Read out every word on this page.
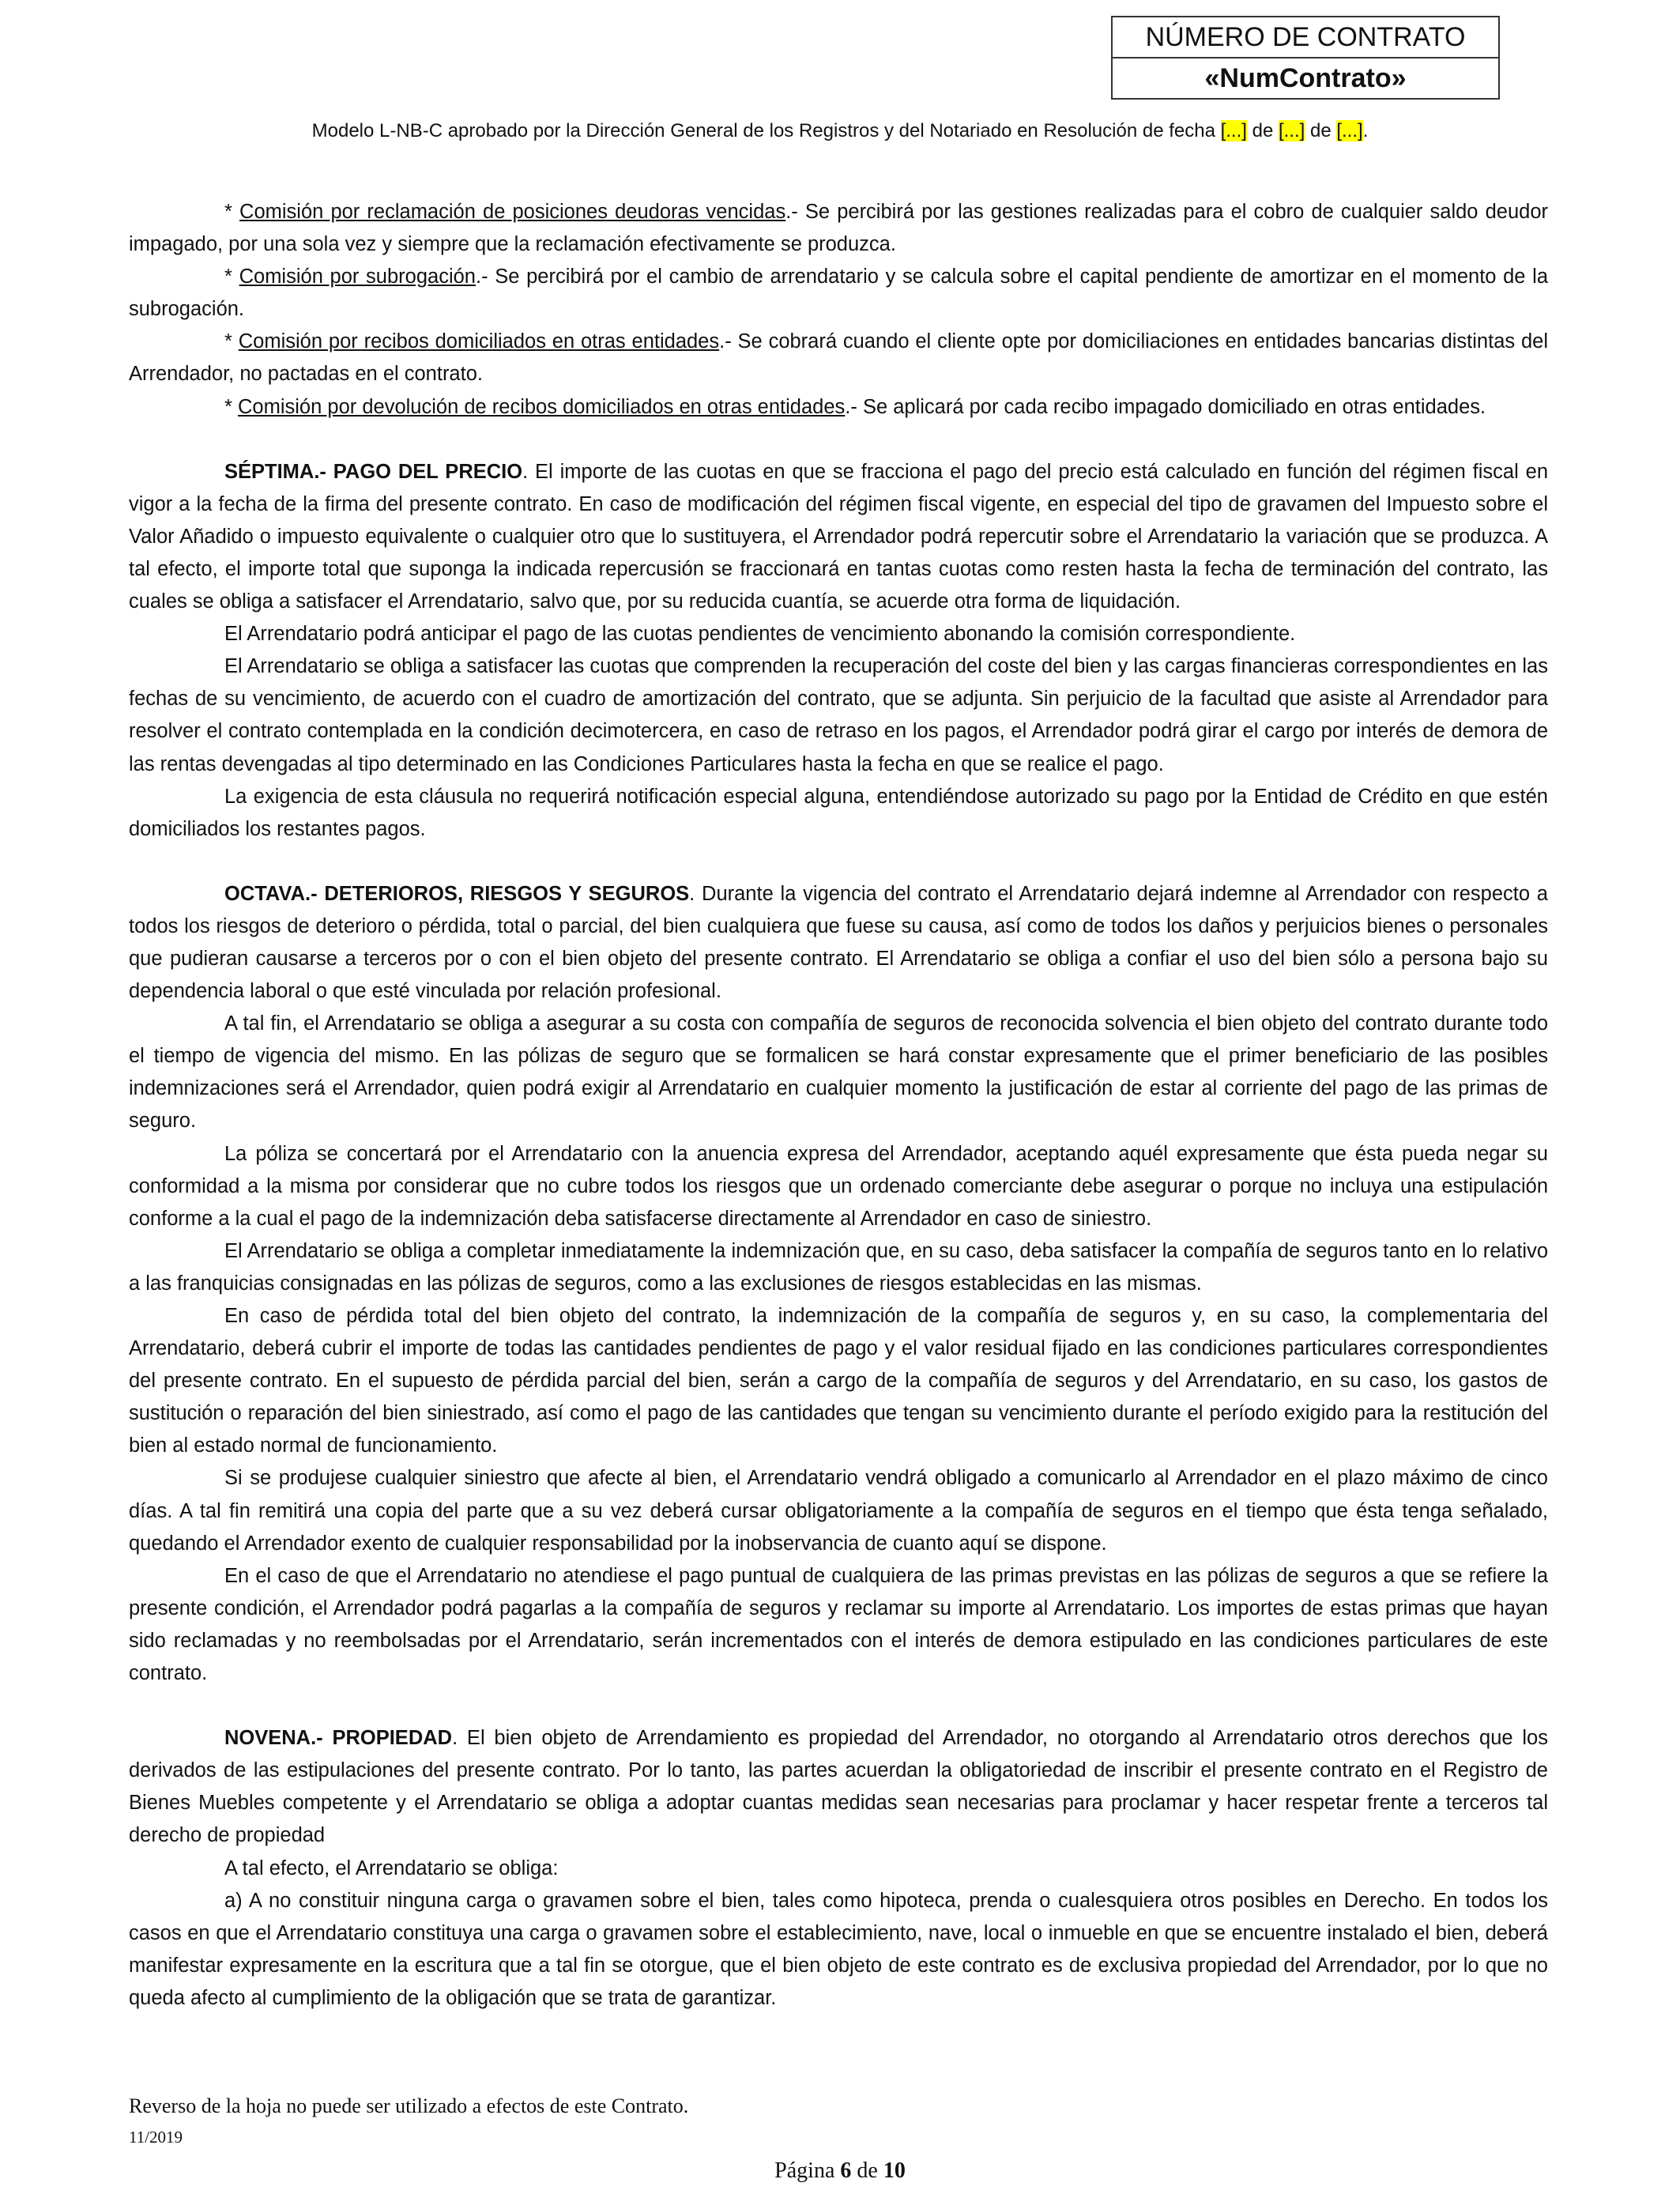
NÚMERO DE CONTRATO
«NumContrato»
Modelo L-NB-C aprobado por la Dirección General de los Registros y del Notariado en Resolución de fecha [...] de [...] de [...].

* Comisión por reclamación de posiciones deudoras vencidas.- Se percibirá por las gestiones realizadas para el cobro de cualquier saldo deudor impagado, por una sola vez y siempre que la reclamación efectivamente se produzca.

* Comisión por subrogación.- Se percibirá por el cambio de arrendatario y se calcula sobre el capital pendiente de amortizar en el momento de la subrogación.

* Comisión por recibos domiciliados en otras entidades.- Se cobrará cuando el cliente opte por domiciliaciones en entidades bancarias distintas del Arrendador, no pactadas en el contrato.

* Comisión por devolución de recibos domiciliados en otras entidades.- Se aplicará por cada recibo impagado domiciliado en otras entidades.

SÉPTIMA.- PAGO DEL PRECIO. El importe de las cuotas en que se fracciona el pago del precio está calculado en función del régimen fiscal en vigor a la fecha de la firma del presente contrato. En caso de modificación del régimen fiscal vigente, en especial del tipo de gravamen del Impuesto sobre el Valor Añadido o impuesto equivalente o cualquier otro que lo sustituyera, el Arrendador podrá repercutir sobre el Arrendatario la variación que se produzca. A tal efecto, el importe total que suponga la indicada repercusión se fraccionará en tantas cuotas como resten hasta la fecha de terminación del contrato, las cuales se obliga a satisfacer el Arrendatario, salvo que, por su reducida cuantía, se acuerde otra forma de liquidación.

El Arrendatario podrá anticipar el pago de las cuotas pendientes de vencimiento abonando la comisión correspondiente.

El Arrendatario se obliga a satisfacer las cuotas que comprenden la recuperación del coste del bien y las cargas financieras correspondientes en las fechas de su vencimiento, de acuerdo con el cuadro de amortización del contrato, que se adjunta. Sin perjuicio de la facultad que asiste al Arrendador para resolver el contrato contemplada en la condición decimotercera, en caso de retraso en los pagos, el Arrendador podrá girar el cargo por interés de demora de las rentas devengadas al tipo determinado en las Condiciones Particulares hasta la fecha en que se realice el pago.

La exigencia de esta cláusula no requerirá notificación especial alguna, entendiéndose autorizado su pago por la Entidad de Crédito en que estén domiciliados los restantes pagos.

OCTAVA.- DETERIOROS, RIESGOS Y SEGUROS. Durante la vigencia del contrato el Arrendatario dejará indemne al Arrendador con respecto a todos los riesgos de deterioro o pérdida, total o parcial, del bien cualquiera que fuese su causa, así como de todos los daños y perjuicios bienes o personales que pudieran causarse a terceros por o con el bien objeto del presente contrato. El Arrendatario se obliga a confiar el uso del bien sólo a persona bajo su dependencia laboral o que esté vinculada por relación profesional.

A tal fin, el Arrendatario se obliga a asegurar a su costa con compañía de seguros de reconocida solvencia el bien objeto del contrato durante todo el tiempo de vigencia del mismo. En las pólizas de seguro que se formalicen se hará constar expresamente que el primer beneficiario de las posibles indemnizaciones será el Arrendador, quien podrá exigir al Arrendatario en cualquier momento la justificación de estar al corriente del pago de las primas de seguro.

La póliza se concertará por el Arrendatario con la anuencia expresa del Arrendador, aceptando aquél expresamente que ésta pueda negar su conformidad a la misma por considerar que no cubre todos los riesgos que un ordenado comerciante debe asegurar o porque no incluya una estipulación conforme a la cual el pago de la indemnización deba satisfacerse directamente al Arrendador en caso de siniestro.

El Arrendatario se obliga a completar inmediatamente la indemnización que, en su caso, deba satisfacer la compañía de seguros tanto en lo relativo a las franquicias consignadas en las pólizas de seguros, como a las exclusiones de riesgos establecidas en las mismas.

En caso de pérdida total del bien objeto del contrato, la indemnización de la compañía de seguros y, en su caso, la complementaria del Arrendatario, deberá cubrir el importe de todas las cantidades pendientes de pago y el valor residual fijado en las condiciones particulares correspondientes del presente contrato. En el supuesto de pérdida parcial del bien, serán a cargo de la compañía de seguros y del Arrendatario, en su caso, los gastos de sustitución o reparación del bien siniestrado, así como el pago de las cantidades que tengan su vencimiento durante el período exigido para la restitución del bien al estado normal de funcionamiento.

Si se produjese cualquier siniestro que afecte al bien, el Arrendatario vendrá obligado a comunicarlo al Arrendador en el plazo máximo de cinco días. A tal fin remitirá una copia del parte que a su vez deberá cursar obligatoriamente a la compañía de seguros en el tiempo que ésta tenga señalado, quedando el Arrendador exento de cualquier responsabilidad por la inobservancia de cuanto aquí se dispone.

En el caso de que el Arrendatario no atendiese el pago puntual de cualquiera de las primas previstas en las pólizas de seguros a que se refiere la presente condición, el Arrendador podrá pagarlas a la compañía de seguros y reclamar su importe al Arrendatario. Los importes de estas primas que hayan sido reclamadas y no reembolsadas por el Arrendatario, serán incrementados con el interés de demora estipulado en las condiciones particulares de este contrato.

NOVENA.- PROPIEDAD. El bien objeto de Arrendamiento es propiedad del Arrendador, no otorgando al Arrendatario otros derechos que los derivados de las estipulaciones del presente contrato. Por lo tanto, las partes acuerdan la obligatoriedad de inscribir el presente contrato en el Registro de Bienes Muebles competente y el Arrendatario se obliga a adoptar cuantas medidas sean necesarias para proclamar y hacer respetar frente a terceros tal derecho de propiedad

A tal efecto, el Arrendatario se obliga:

a) A no constituir ninguna carga o gravamen sobre el bien, tales como hipoteca, prenda o cualesquiera otros posibles en Derecho. En todos los casos en que el Arrendatario constituya una carga o gravamen sobre el establecimiento, nave, local o inmueble en que se encuentre instalado el bien, deberá manifestar expresamente en la escritura que a tal fin se otorgue, que el bien objeto de este contrato es de exclusiva propiedad del Arrendador, por lo que no queda afecto al cumplimiento de la obligación que se trata de garantizar.

Reverso de la hoja no puede ser utilizado a efectos de este Contrato.
11/2019
Página 6 de 10
